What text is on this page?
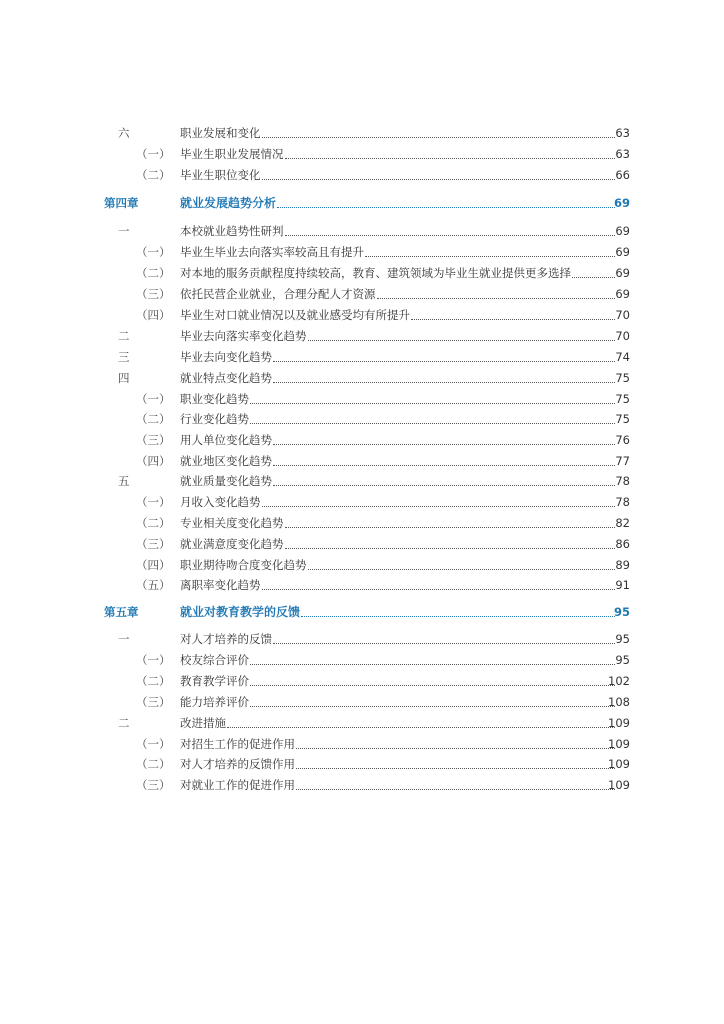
六	职业发展和变化	63
（一） 毕业生职业发展情况	63
（二） 毕业生职位变化	66
第四章	就业发展趋势分析	69
一	本校就业趋势性研判	69
（一） 毕业生毕业去向落实率较高且有提升	69
（二） 对本地的服务贡献程度持续较高，教育、建筑领域为毕业生就业提供更多选择	69
（三） 依托民营企业就业，合理分配人才资源	69
（四） 毕业生对口就业情况以及就业感受均有所提升	70
二	毕业去向落实率变化趋势	70
三	毕业去向变化趋势	74
四	就业特点变化趋势	75
（一） 职业变化趋势	75
（二） 行业变化趋势	75
（三） 用人单位变化趋势	76
（四） 就业地区变化趋势	77
五	就业质量变化趋势	78
（一） 月收入变化趋势	78
（二） 专业相关度变化趋势	82
（三） 就业满意度变化趋势	86
（四） 职业期待吻合度变化趋势	89
（五） 离职率变化趋势	91
第五章	就业对教育教学的反馈	95
一	对人才培养的反馈	95
（一） 校友综合评价	95
（二） 教育教学评价	102
（三） 能力培养评价	108
二	改进措施	109
（一） 对招生工作的促进作用	109
（二） 对人才培养的反馈作用	109
（三） 对就业工作的促进作用	109
